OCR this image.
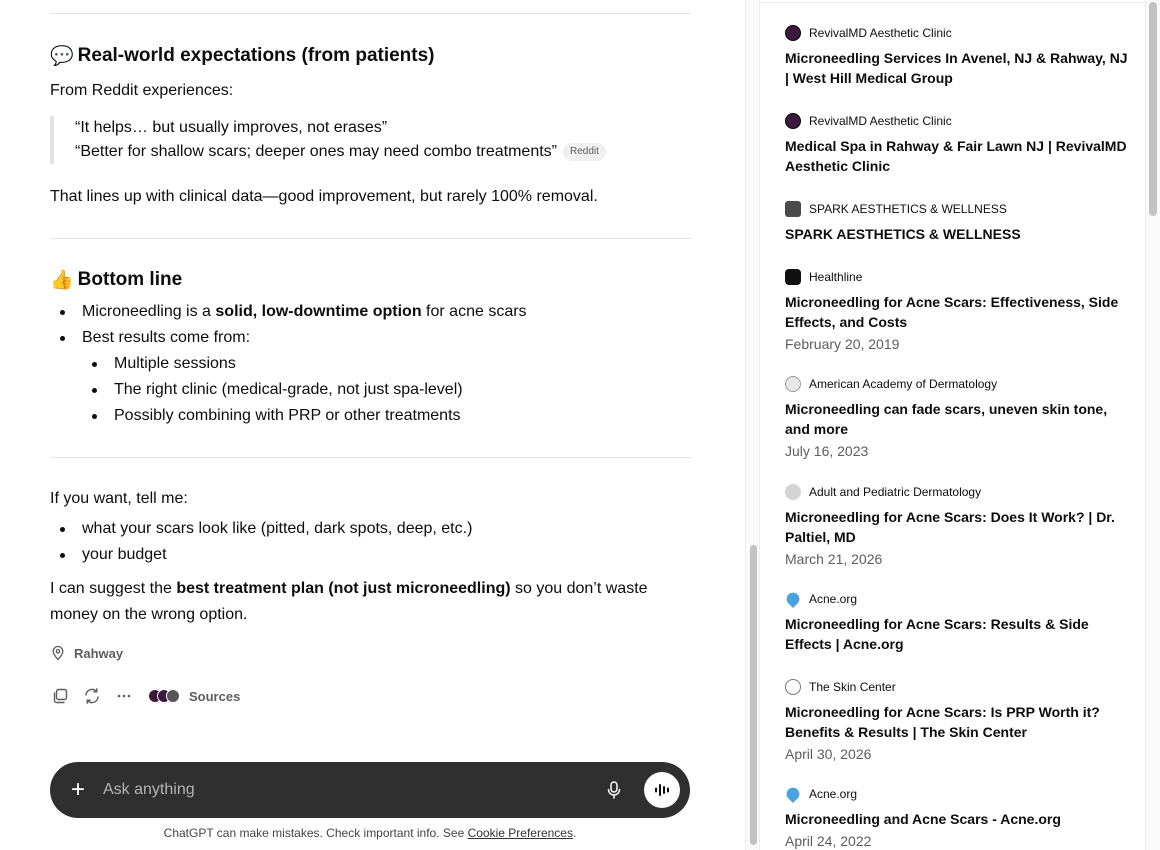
💬 Real-world expectations (from patients)
From Reddit experiences:
“It helps… but usually improves, not erases”
“Better for shallow scars; deeper ones may need combo treatments” Reddit
That lines up with clinical data—good improvement, but rarely 100% removal.
👍 Bottom line
Microneedling is a solid, low-downtime option for acne scars
Best results come from:
Multiple sessions
The right clinic (medical-grade, not just spa-level)
Possibly combining with PRP or other treatments
If you want, tell me:
what your scars look like (pitted, dark spots, deep, etc.)
your budget
I can suggest the best treatment plan (not just microneedling) so you don’t waste money on the wrong option.
Rahway
Sources
+
Ask anything
ChatGPT can make mistakes. Check important info. See Cookie Preferences.
RevivalMD Aesthetic Clinic
Microneedling Services In Avenel, NJ & Rahway, NJ | West Hill Medical Group
RevivalMD Aesthetic Clinic
Medical Spa in Rahway & Fair Lawn NJ | RevivalMD Aesthetic Clinic
SPARK AESTHETICS & WELLNESS
SPARK AESTHETICS & WELLNESS
Healthline
Microneedling for Acne Scars: Effectiveness, Side Effects, and Costs
February 20, 2019
American Academy of Dermatology
Microneedling can fade scars, uneven skin tone, and more
July 16, 2023
Adult and Pediatric Dermatology
Microneedling for Acne Scars: Does It Work? | Dr. Paltiel, MD
March 21, 2026
Acne.org
Microneedling for Acne Scars: Results & Side Effects | Acne.org
The Skin Center
Microneedling for Acne Scars: Is PRP Worth it? Benefits & Results | The Skin Center
April 30, 2026
Acne.org
Microneedling and Acne Scars - Acne.org
April 24, 2022
